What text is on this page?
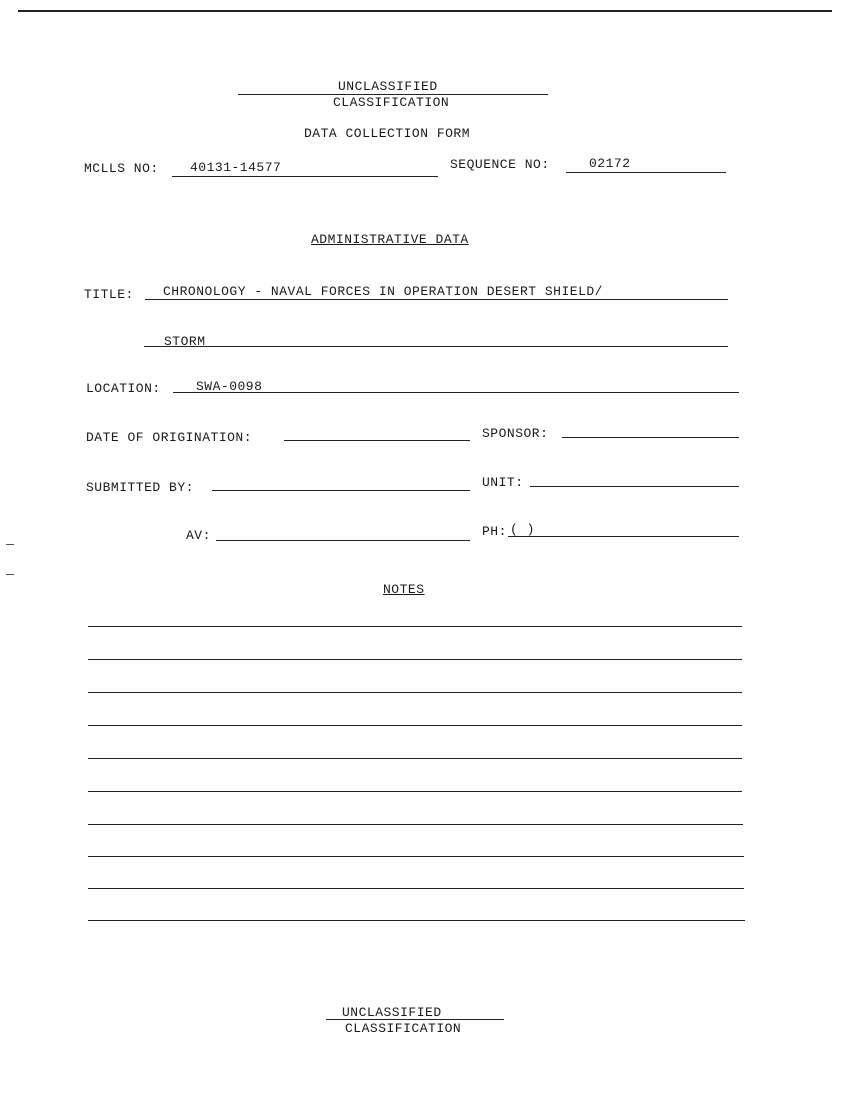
UNCLASSIFIED
CLASSIFICATION
DATA COLLECTION FORM
MCLLS NO: 40131-14577	SEQUENCE NO:	02172
ADMINISTRATIVE DATA
TITLE: CHRONOLOGY - NAVAL FORCES IN OPERATION DESERT SHIELD/
STORM
LOCATION:	SWA-0098
DATE OF ORIGINATION:	SPONSOR:
SUBMITTED BY:	UNIT:
AV:	PH: ( )
NOTES
UNCLASSIFIED
CLASSIFICATION
